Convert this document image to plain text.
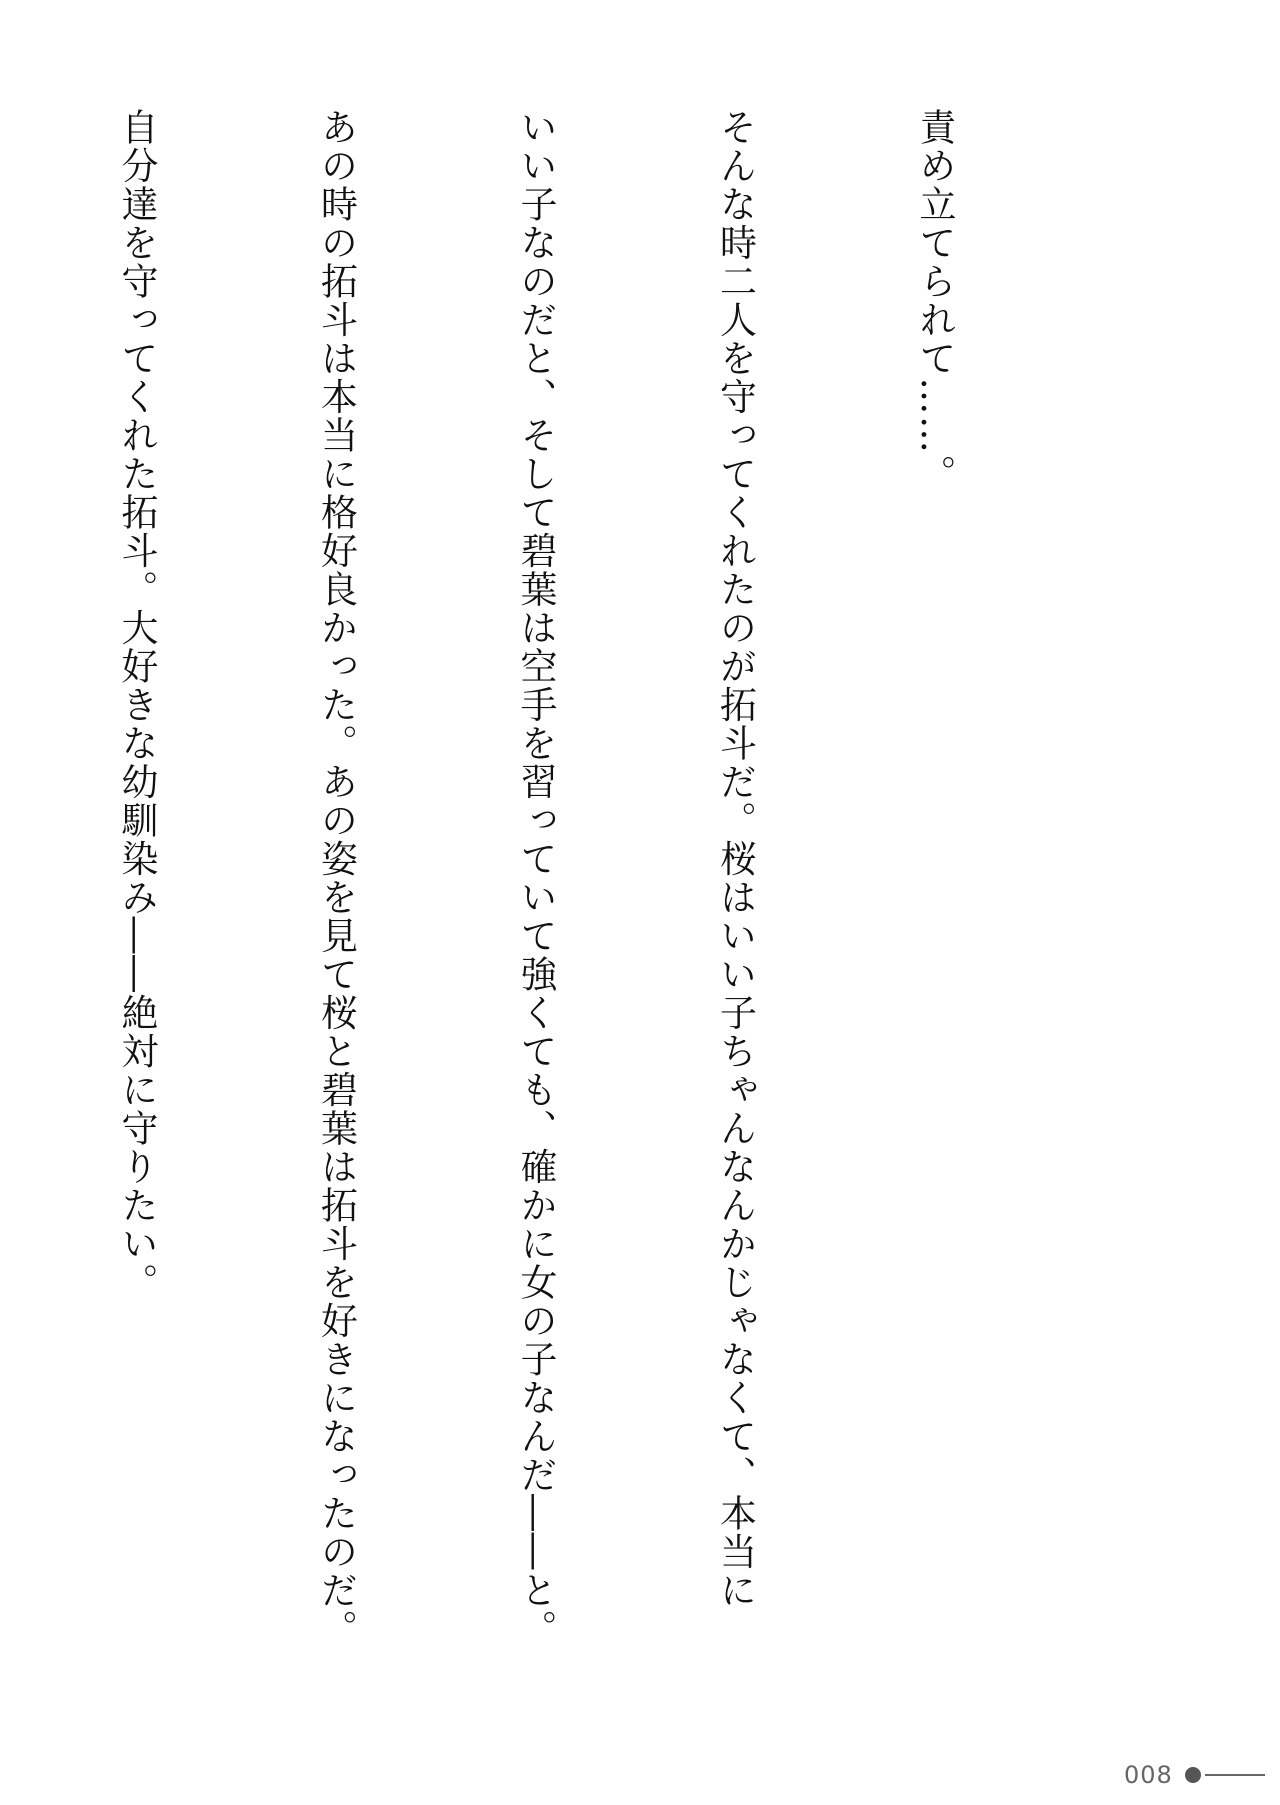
責め立てられて……。

そんな時二人を守ってくれたのが拓斗だ。桜はいい子ちゃんなんかじゃなくて、本当に

いい子なのだと、そして碧葉は空手を習っていて強くても、確かに女の子なんだ――と。

あの時の拓斗は本当に格好良かった。あの姿を見て桜と碧葉は拓斗を好きになったのだ。

自分達を守ってくれた拓斗。大好きな幼馴染み――絶対に守りたい。

008
